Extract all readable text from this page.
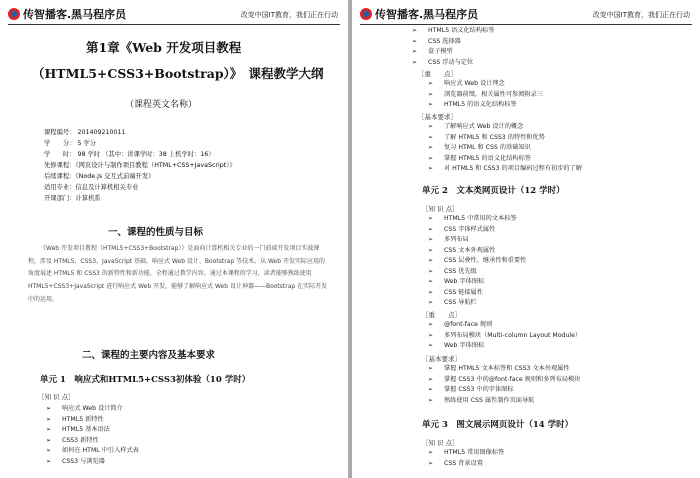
传智播客.黑马程序员	改变中国IT教育，我们正在行动
第1章《Web 开发项目教程
（HTML5+CSS3+Bootstrap）》　课程教学大纲
（课程英文名称）
课程编号： 201409210011
学　　分： 5 学分
学　　时： 98 学时 （其中：讲课学时：38 上机学时：16）
先修课程：《网页设计与制作项目教程（HTML+CSS+JavaScript）》
后续课程：《Node.js 交互式前端开发》
适用专业：信息及计算机相关专业
开课部门：计算机系
一、课程的性质与目标
《Web 开发项目教程（HTML5+CSS3+Bootstrap）》是面向计算机相关专业的一门前端开发项目实战课程，涉及 HTML5、CSS3、JavaScript 基础、响应式 Web 设计、Bootstrap 等技术。从 Web 开发实际应用的角度展述 HTML5 和 CSS3 的新特性和新功能，全程通过教学内容。通过本课程的学习，读者能够熟练使用 HTML5+CSS3+JavaScript 进行响应式 Web 开发，能够了解响应式 Web 设计神器——Bootstrap 在实际开发中的运用。
二、课程的主要内容及基本要求
单元 1　响应式和HTML5+CSS3初体验（10 学时）
［知 识 点］
➢ 响应式 Web 设计简介
➢ HTML5 新特性
➢ HTML5 基本语法
➢ CSS3 新特性
➢ 如何在 HTML 中引入样式表
➢ CSS3 与浏览器
传智播客.黑马程序员	改变中国IT教育，我们正在行动
➢ HTML5 语义化结构标签
➢ CSS 选择器
➢ 盒子模型
➢ CSS 浮动与定位
［重　　点］
➢ 响应式 Web 设计理念
➢ 浏览器前缀，相关属性可参阅附录三
➢ HTML5 的语义化结构标签
［基本要求］
➢ 了解响应式 Web 设计的概念
➢ 了解 HTML5 和 CSS3 的特性和优势
➢ 复习 HTML 和 CSS 的基础知识
➢ 掌握 HTML5 的语义化结构标签
➢ 对 HTML5 和 CSS3 的项目编码过程有初步的了解
单元 2　文本类网页设计（12 学时）
［知 识 点］
➢ HTML5 中常用的文本标签
➢ CSS 字体样式属性
➢ 多列布局
➢ CSS 文本外观属性
➢ CSS 层叠性、继承性和重要性
➢ CSS 优先级
➢ Web 字体图标
➢ CSS 链接属性
➢ CSS 导航栏
［重　　点］
➢ @font-face 规则
➢ 多列布局模块（Multi-column Layout Module）
➢ Web 字体图标
［基本要求］
➢ 掌握 HTML5 文本标签和 CSS3 文本外观属性
➢ 掌握 CSS3 中的@font-face 规则和多列布局模块
➢ 掌握 CSS3 中的字体图标
➢ 熟练使用 CSS 属性制作页面导航
单元 3　图文展示网页设计（14 学时）
［知 识 点］
➢ HTML5 常用图像标签
➢ CSS 背景设置
